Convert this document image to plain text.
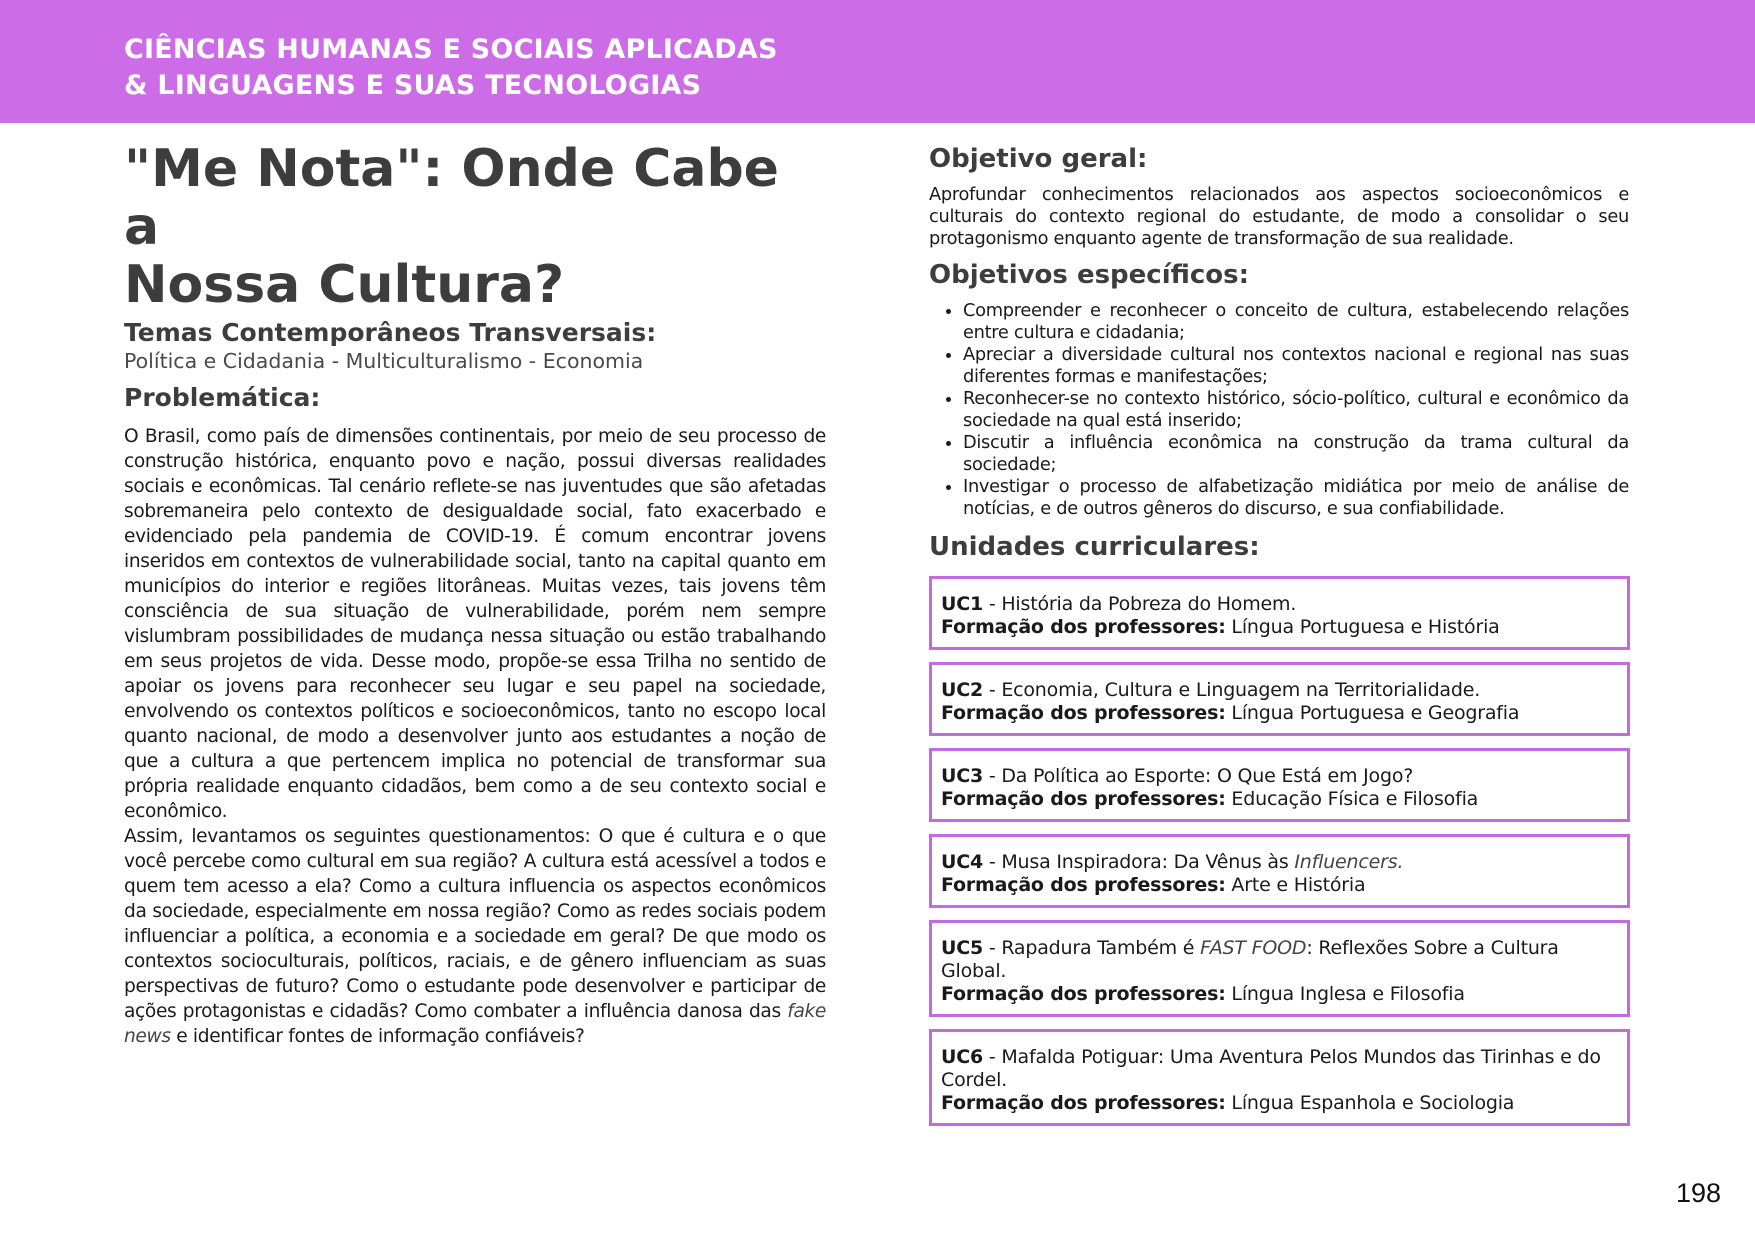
CIÊNCIAS HUMANAS E SOCIAIS APLICADAS
& LINGUAGENS E SUAS TECNOLOGIAS
"Me Nota": Onde Cabe a
Nossa Cultura?
Temas Contemporâneos Transversais:
Política e Cidadania - Multiculturalismo - Economia
Problemática:

O Brasil, como país de dimensões continentais, por meio de seu processo de construção histórica, enquanto povo e nação, possui diversas realidades sociais e econômicas. Tal cenário reflete-se nas juventudes que são afetadas sobremaneira pelo contexto de desigualdade social, fato exacerbado e evidenciado pela pandemia de COVID-19. É comum encontrar jovens inseridos em contextos de vulnerabilidade social, tanto na capital quanto em municípios do interior e regiões litorâneas. Muitas vezes, tais jovens têm consciência de sua situação de vulnerabilidade, porém nem sempre vislumbram possibilidades de mudança nessa situação ou estão trabalhando em seus projetos de vida. Desse modo, propõe-se essa Trilha no sentido de apoiar os jovens para reconhecer seu lugar e seu papel na sociedade, envolvendo os contextos políticos e socioeconômicos, tanto no escopo local quanto nacional, de modo a desenvolver junto aos estudantes a noção de que a cultura a que pertencem implica no potencial de transformar sua própria realidade enquanto cidadãos, bem como a de seu contexto social e econômico.

Assim, levantamos os seguintes questionamentos: O que é cultura e o que você percebe como cultural em sua região? A cultura está acessível a todos e quem tem acesso a ela? Como a cultura influencia os aspectos econômicos da sociedade, especialmente em nossa região? Como as redes sociais podem influenciar a política, a economia e a sociedade em geral? De que modo os contextos socioculturais, políticos, raciais, e de gênero influenciam as suas perspectivas de futuro? Como o estudante pode desenvolver e participar de ações protagonistas e cidadãs? Como combater a influência danosa das fake news e identificar fontes de informação confiáveis?

Objetivo geral:
Aprofundar conhecimentos relacionados aos aspectos socioeconômicos e culturais do contexto regional do estudante, de modo a consolidar o seu protagonismo enquanto agente de transformação de sua realidade.
Objetivos específicos:
• Compreender e reconhecer o conceito de cultura, estabelecendo relações entre cultura e cidadania;
• Apreciar a diversidade cultural nos contextos nacional e regional nas suas diferentes formas e manifestações;
• Reconhecer-se no contexto histórico, sócio-político, cultural e econômico da sociedade na qual está inserido;
• Discutir a influência econômica na construção da trama cultural da sociedade;
• Investigar o processo de alfabetização midiática por meio de análise de notícias, e de outros gêneros do discurso, e sua confiabilidade.
Unidades curriculares:
UC1 - História da Pobreza do Homem.
Formação dos professores: Língua Portuguesa e História
UC2 - Economia, Cultura e Linguagem na Territorialidade.
Formação dos professores: Língua Portuguesa e Geografia
UC3 - Da Política ao Esporte: O Que Está em Jogo?
Formação dos professores: Educação Física e Filosofia
UC4 - Musa Inspiradora: Da Vênus às Influencers.
Formação dos professores: Arte e História
UC5 - Rapadura Também é FAST FOOD: Reflexões Sobre a Cultura Global.
Formação dos professores: Língua Inglesa e Filosofia
UC6 - Mafalda Potiguar: Uma Aventura Pelos Mundos das Tirinhas e do Cordel.
Formação dos professores: Língua Espanhola e Sociologia
198
